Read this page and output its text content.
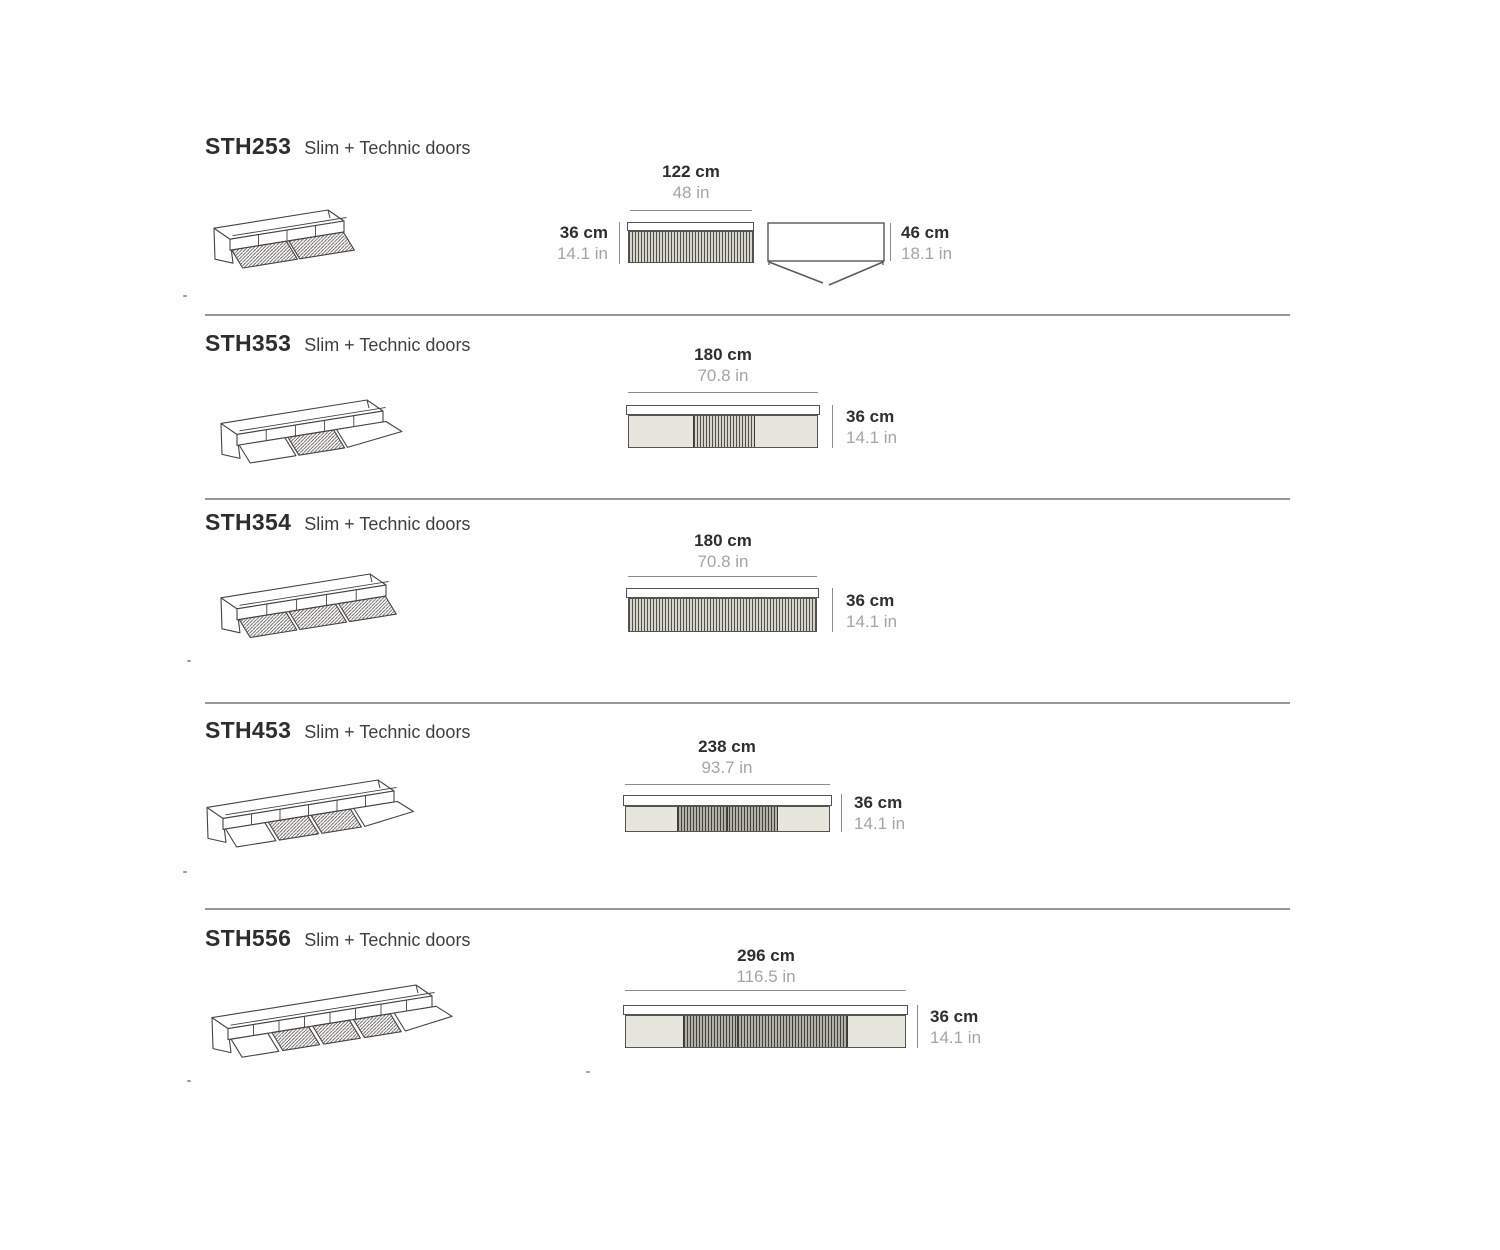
STH253 Slim + Technic doors
122 cm
48 in
36 cm
14.1 in
46 cm
18.1 in
STH353 Slim + Technic doors	180 cm
70.8 in
36 cm
14.1 in
STH354 Slim + Technic doors
180 cm
70.8 in
36 cm
14.1 in
STH453 Slim + Technic doors
238 cm
93.7 in
36 cm
14.1 in
STH556 Slim + Technic doors
296 cm
116.5 in
36 cm
14.1 in
